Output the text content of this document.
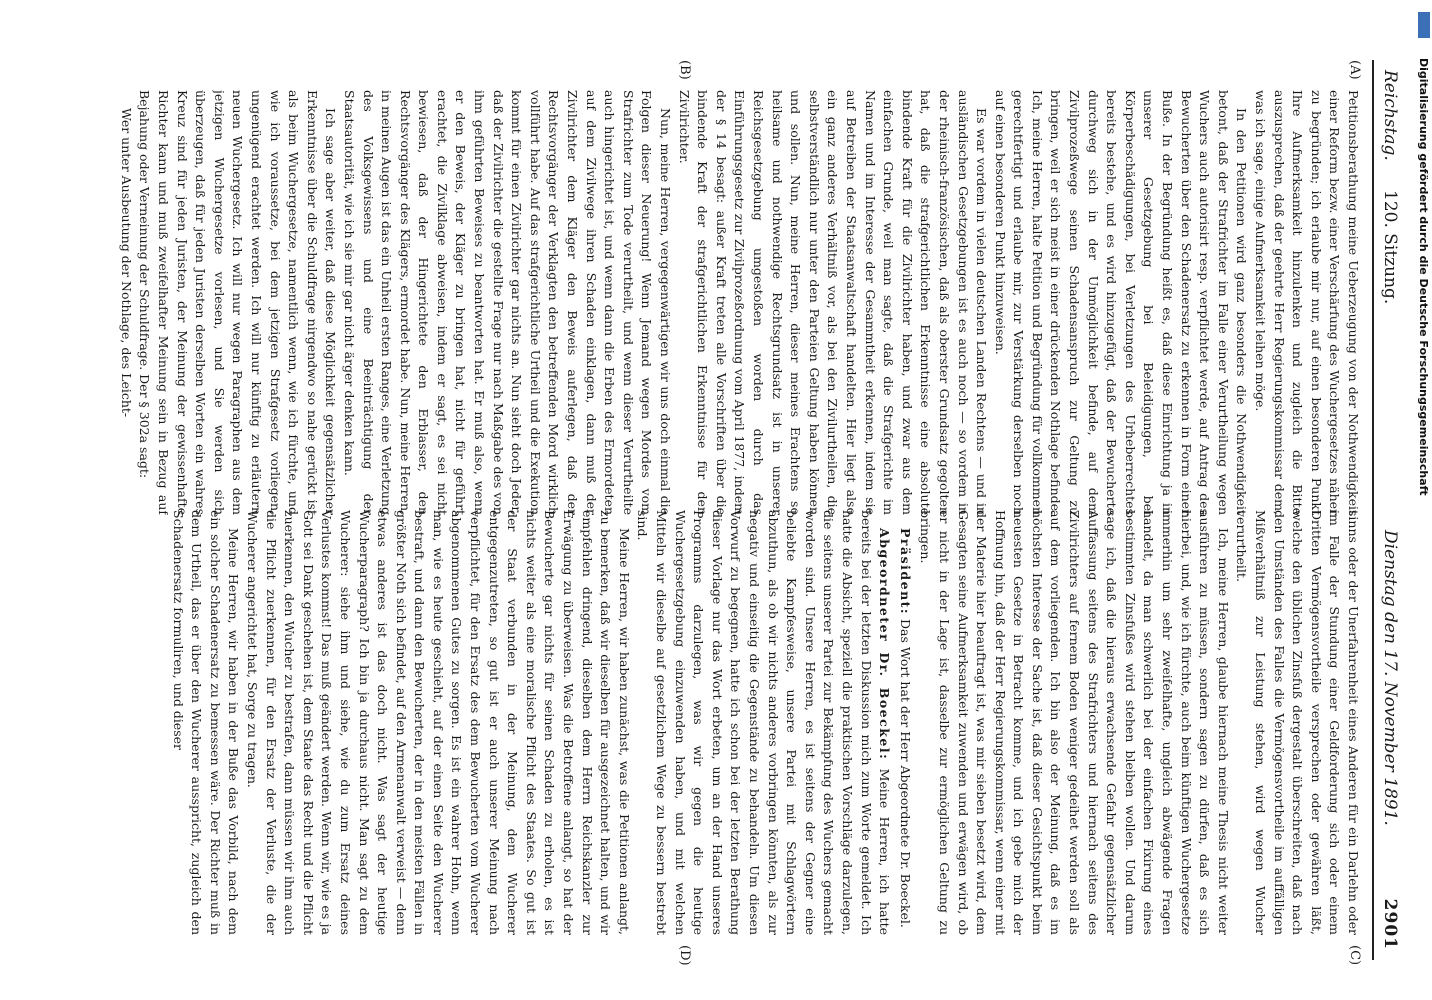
Reichstag.
120. Sitzung.
Dienstag den 17. November 1891.
2901
(A)
(B)
(C)
(D)

Petitionsberathung meine Ueberzeugung von der Nothwendigkeit einer Reform bezw. einer Verschärfung des Wuchergesetzes näher zu begründen; ich erlaube mir nur, auf einen besonderen Punkt Ihre Aufmerksamkeit hinzulenken und zugleich die Bitte auszusprechen, daß der geehrte Herr Regierungskommissar dem, was ich sage, einige Aufmerksamkeit leihen möge.

In den Petitionen wird ganz besonders die Nothwendigkeit betont, daß der Strafrichter im Falle einer Verurtheilung wegen Wuchers auch autorisirt resp. verpflichtet werde, auf Antrag des Bewucherten über den Schadenersatz zu erkennen in Form einer Buße. In der Begründung heißt es, daß diese Einrichtung ja in unserer Gesetzgebung bei Beleidigungen, bei Körperbeschädigungen, bei Verletzungen des Urheberrechtes bereits bestehe, und es wird hinzugefügt, daß der Bewucherte durchweg sich in der Unmöglichkeit befinde, auf dem Zivilprozeßwege seinen Schadensanspruch zur Geltung zu bringen, weil er sich meist in einer drückenden Nothlage befinde. Ich, meine Herren, halte Petition und Begründung für vollkommen gerechtfertigt und erlaube mir, zur Verstärkung derselben noch auf einen besonderen Punkt hinzuweisen.

Es war vordem in vielen deutschen Landen Rechtens — und in ausländischen Gesetzgebungen ist es auch noch — so vordem in der rheinisch-französischen, daß als oberster Grundsatz gegolten hat, daß die strafgerichtlichen Erkenntnisse eine absolute bindende Kraft für die Zivilrichter haben, und zwar aus dem einfachen Grunde, weil man sagte, daß die Strafgerichte im Namen und im Interesse der Gesammtheit erkennen, indem sie auf Betreiben der Staatsanwaltschaft handelten. Hier liegt also ein ganz anderes Verhältniß vor, als bei den Zivilurtheilen, die selbstverständlich nur unter den Parteien Geltung haben können und sollen. Nun, meine Herren, dieser meines Erachtens so heilsame und nothwendige Rechtsgrundsatz ist in unserer Reichsgesetzgebung umgestoßen worden durch das Einführungsgesetz zur Zivilprozeßordnung vom April 1877, indem der § 14 besagt: außer Kraft treten alle Vorschriften über die bindende Kraft der strafgerichtlichen Erkenntnisse für den Zivilrichter.

Nun, meine Herren, vergegenwärtigen wir uns doch einmal die Folgen dieser Neuerung! Wenn Jemand wegen Mordes vom Strafrichter zum Tode verurtheilt, und wenn dieser Verurtheilte auch hingerichtet ist, und wenn dann die Erben des Ermordeten auf dem Zivilwege ihren Schaden einklagen, dann muß der Zivilrichter dem Kläger den Beweis auferlegen, daß der Rechtsvorgänger der Verklagten den betreffenden Mord wirklich vollführt habe. Auf das strafgerichtliche Urtheil und die Exekution kommt für einen Zivilrichter gar nichts an. Nun sieht doch Jeder, daß der Zivilrichter die gestellte Frage nur nach Maßgabe des von ihm geführten Beweises zu beantworten hat. Er muß also, wenn er den Beweis, der Kläger zu bringen hat, nicht für geführt erachtet, die Zivilklage abweisen, indem er sagt, es sei nicht bewiesen, daß der Hingerichtete den Erblasser, den Rechtsvorgänger des Klägers, ermordet habe. Nun, meine Herren, in meinen Augen ist das ein Unheil ersten Ranges, eine Verletzung des Volksgewissens und eine Beeinträchtigung der Staatsautorität, wie ich sie mir gar nicht ärger denken kann.

Ich sage aber weiter, daß diese Möglichkeit gegensätzlicher Erkenntnisse über die Schuldfrage nirgendwo so nahe gerückt ist als beim Wuchergesetze, namentlich wenn, wie ich fürchte, und wie ich voraussetze, bei dem jetzigen Strafgesetz vorliegen, ungenügend erachtet werden. Ich will nur künftig zu erläutern neuen Wuchergesetz. Ich will nur wegen Paragraphen aus dem jetzigen Wuchergesetze vorlesen, und Sie werden sich überzeugen, daß für jeden Juristen derselben Worten ein wahres Kreuz sind für jeden Juristen, der Meinung der gewissenhafte Richter kann und muß zweifelhafter Meinung sein in Bezug auf Bejahung oder Verneinung der Schuldfrage. Der § 302a sagt:

Wer unter Ausbeutung der Nothlage, des Leicht-

sinns oder der Unerfahrenheit eines Anderen für ein Darlehn oder im Falle der Stundung einer Geldforderung sich oder einem Dritten Vermögensvortheile versprechen oder gewähren läßt, welche den üblichen Zinsfuß dergestalt überschreiten, daß nach den Umständen des Falles die Vermögensvortheile im auffälligen Mißverhältniß zur Leistung stehen, wird wegen Wucher verurtheilt.

Ich, meine Herren, glaube hiernach meine Thesis nicht weiter ausführen zu müssen, sondern sagen zu dürfen, daß es sich hierbei, und, wie ich fürchte, auch beim künftigen Wuchergesetze immerhin um sehr zweifelhafte, ungleich abwägende Fragen handelt, da man schwerlich bei der einfachen Fixirung eines bestimmten Zinsfußes wird stehen bleiben wollen. Und darum sage ich, daß die hieraus erwachsende Gefahr gegensätzlicher Auffassung seitens des Strafrichters und hiernach seitens des Zivilrichters auf fernem Boden weniger gedeihet werden soll als auf dem vorliegenden. Ich bin also der Meinung, daß es im höchsten Interesse der Sache ist, daß dieser Gesichtspunkt beim neuesten Gesetze in Betracht komme, und ich gebe mich der Hoffnung hin, daß der Herr Regierungskommissar, wenn einer mit der Materie hier beauftragt ist, was mir sieben besetzt wird, dem Gesagten seine Aufmerksamkeit zuwenden und erwägen wird, ob er nicht in der Lage ist, dasselbe zur ermöglichen Geltung zu bringen.

Präsident: Das Wort hat der Herr Abgeordnete Dr. Boeckel.

Abgeordneter Dr. Boeckel: Meine Herren, ich hatte bereits bei der letzten Diskussion mich zum Worte gemeldet. Ich hatte die Absicht, speziell die praktischen Vorschläge darzulegen, die seitens unserer Partei zur Bekämpfung des Wuchers gemacht worden sind. Unsere Herren, es ist seitens der Gegner eine beliebte Kampfesweise, unsere Partei mit Schlagwörtern abzuthun, als ob wir nichts anderes vorbringen könnten, als zur negativ und einseitig die Gegenstände zu behandeln. Um diesen Vorwurf zu begegnen, hatte ich schon bei der letzten Berathung dieser Vorlage nur das Wort erbeten, um an der Hand unseres Programms darzulegen, was wir gegen die heutige Wuchergesetzgebung einzuwenden haben, und mit welchen Mitteln wir dieselbe auf gesetzlichem Wege zu bessern bestrebt sind.

Meine Herren, wir haben zunächst, was die Petitionen anlangt, zu bemerken, daß wir dieselben für ausgezeichnet halten, und wir empfehlen dringend, dieselben dem Herrn Reichskanzler zur Erwägung zu überweisen. Was die Betroffene anlangt, so hat der Bewucherte gar nichts für seinen Schaden zu erholen, es ist nichts weiter als eine moralische Pflicht des Staates. So gut ist der Staat verbunden in der Meinung, dem Wucherer entgegenzutreten, so gut ist er auch unserer Meinung nach verpflichtet, für den Ersatz des dem Bewucherten vom Wucherer abgenommenen Gutes zu sorgen. Es ist ein wahrer Hohn, wenn man, wie es heute geschieht, auf der einen Seite den Wucherer bestraft, und dann den Bewucherten, der in den meisten Fällen in größter Noth sich befindet, auf den Armenanwalt verweist — denn etwas anderes ist das doch nicht. Was sagt der heutige Wucherparagraph? Ich bin ja durchaus nicht. Man sagt zu dem Wucherer: siehe ihm und siehe, wie du zum Ersatz deines Verlustes kommst! Das muß geändert werden. Wenn wir, wie es ja Gott sei Dank geschehen ist, dem Staate das Recht und die Pflicht zuerkennen, den Wucher zu bestrafen, dann müssen wir ihm auch die Pflicht zuerkennen, für den Ersatz der Verluste, die der Wucherer angerichtet hat, Sorge zu tragen.

Meine Herren, wir haben in der Buße das Vorbild, nach dem ein solcher Schadenersatz zu bemessen wäre. Der Richter muß in dem Urtheil, das er über den Wucherer ausspricht, zugleich den Schadenersatz formuliren, und dieser

Digitalisierung gefördert durch die Deutsche Forschungsgemeinschaft
